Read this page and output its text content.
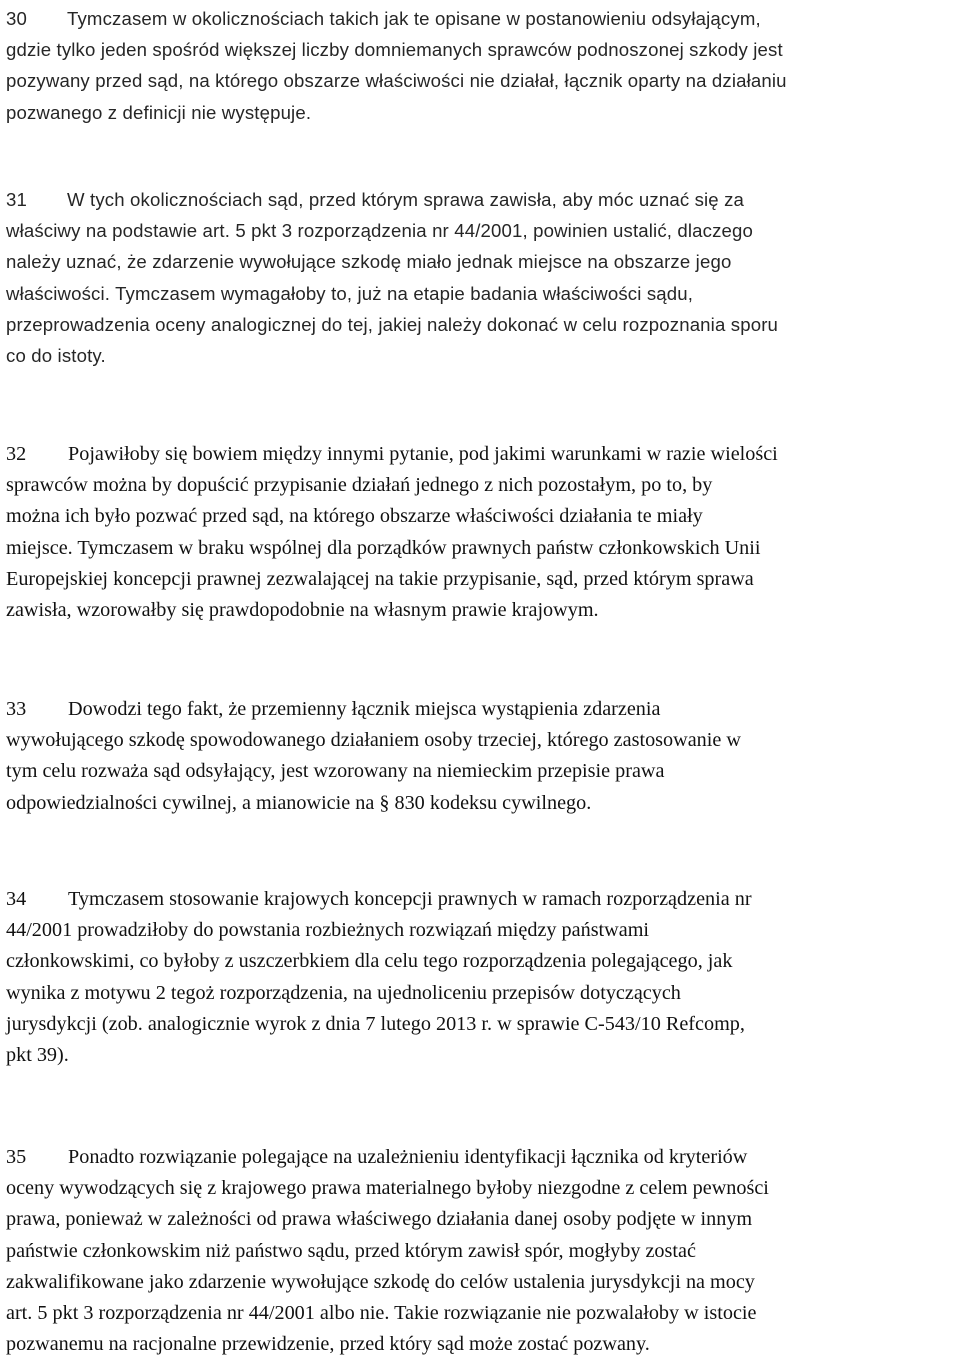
30 Tymczasem w okolicznościach takich jak te opisane w postanowieniu odsyłającym,
gdzie tylko jeden spośród większej liczby domniemanych sprawców podnoszonej szkody jest
pozywany przed sąd, na którego obszarze właściwości nie działał, łącznik oparty na działaniu
pozwanego z definicji nie występuje.
31 W tych okolicznościach sąd, przed którym sprawa zawisła, aby móc uznać się za
właściwy na podstawie art. 5 pkt 3 rozporządzenia nr 44/2001, powinien ustalić, dlaczego
należy uznać, że zdarzenie wywołujące szkodę miało jednak miejsce na obszarze jego
właściwości. Tymczasem wymagałoby to, już na etapie badania właściwości sądu,
przeprowadzenia oceny analogicznej do tej, jakiej należy dokonać w celu rozpoznania sporu
co do istoty.
32 Pojawiłoby się bowiem między innymi pytanie, pod jakimi warunkami w razie wielości
sprawców można by dopuścić przypisanie działań jednego z nich pozostałym, po to, by
można ich było pozwać przed sąd, na którego obszarze właściwości działania te miały
miejsce. Tymczasem w braku wspólnej dla porządków prawnych państw członkowskich Unii
Europejskiej koncepcji prawnej zezwalającej na takie przypisanie, sąd, przed którym sprawa
zawisła, wzorowałby się prawdopodobnie na własnym prawie krajowym.
33 Dowodzi tego fakt, że przemienny łącznik miejsca wystąpienia zdarzenia
wywołującego szkodę spowodowanego działaniem osoby trzeciej, którego zastosowanie w
tym celu rozważa sąd odsyłający, jest wzorowany na niemieckim przepisie prawa
odpowiedzialności cywilnej, a mianowicie na § 830 kodeksu cywilnego.
34 Tymczasem stosowanie krajowych koncepcji prawnych w ramach rozporządzenia nr
44/2001 prowadziłoby do powstania rozbieżnych rozwiązań między państwami
członkowskimi, co byłoby z uszczerbkiem dla celu tego rozporządzenia polegającego, jak
wynika z motywu 2 tegoż rozporządzenia, na ujednoliceniu przepisów dotyczących
jurysdykcji (zob. analogicznie wyrok z dnia 7 lutego 2013 r. w sprawie C‑543/10 Refcomp,
pkt 39).
35 Ponadto rozwiązanie polegające na uzależnieniu identyfikacji łącznika od kryteriów
oceny wywodzących się z krajowego prawa materialnego byłoby niezgodne z celem pewności
prawa, ponieważ w zależności od prawa właściwego działania danej osoby podjęte w innym
państwie członkowskim niż państwo sądu, przed którym zawisł spór, mogłyby zostać
zakwalifikowane jako zdarzenie wywołujące szkodę do celów ustalenia jurysdykcji na mocy
art. 5 pkt 3 rozporządzenia nr 44/2001 albo nie. Takie rozwiązanie nie pozwalałoby w istocie
pozwanemu na racjonalne przewidzenie, przed który sąd może zostać pozwany.
